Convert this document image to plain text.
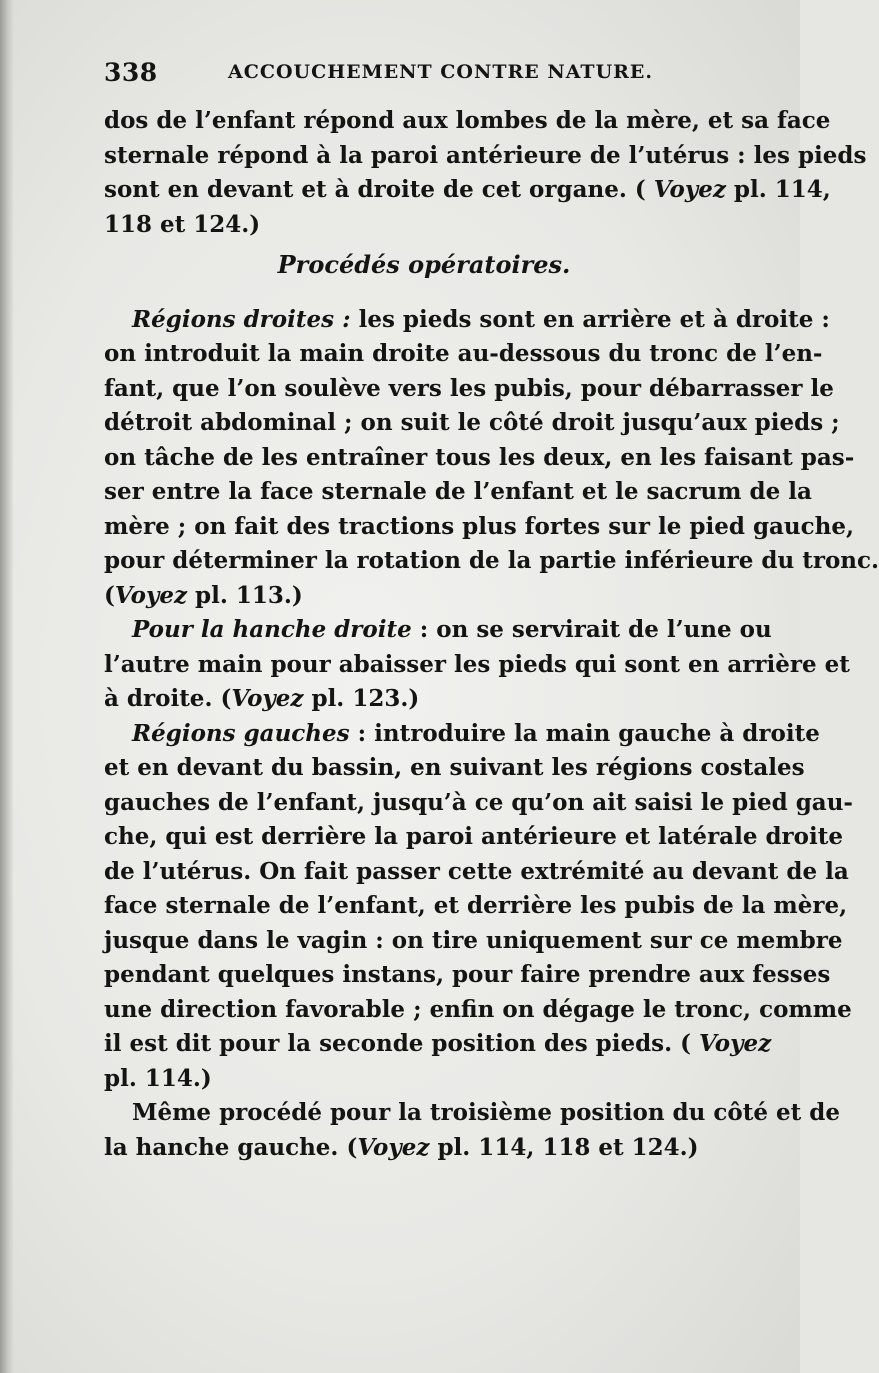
338	ACCOUCHEMENT CONTRE NATURE.
dos de l’enfant répond aux lombes de la mère, et sa face
sternale répond à la paroi antérieure de l’utérus : les pieds
sont en devant et à droite de cet organe. ( Voyez pl. 114,
118 et 124.)
Procédés opératoires.
Régions droites : les pieds sont en arrière et à droite :
on introduit la main droite au-dessous du tronc de l’en-
fant, que l’on soulève vers les pubis, pour débarrasser le
détroit abdominal ; on suit le côté droit jusqu’aux pieds ;
on tâche de les entraîner tous les deux, en les faisant pas-
ser entre la face sternale de l’enfant et le sacrum de la
mère ; on fait des tractions plus fortes sur le pied gauche,
pour déterminer la rotation de la partie inférieure du tronc.
(Voyez pl. 113.)
Pour la hanche droite : on se servirait de l’une ou
l’autre main pour abaisser les pieds qui sont en arrière et
à droite. (Voyez pl. 123.)
Régions gauches : introduire la main gauche à droite
et en devant du bassin, en suivant les régions costales
gauches de l’enfant, jusqu’à ce qu’on ait saisi le pied gau-
che, qui est derrière la paroi antérieure et latérale droite
de l’utérus. On fait passer cette extrémité au devant de la
face sternale de l’enfant, et derrière les pubis de la mère,
jusque dans le vagin : on tire uniquement sur ce membre
pendant quelques instans, pour faire prendre aux fesses
une direction favorable ; enfin on dégage le tronc, comme
il est dit pour la seconde position des pieds. ( Voyez
pl. 114.)
Même procédé pour la troisième position du côté et de
la hanche gauche. (Voyez pl. 114, 118 et 124.)
